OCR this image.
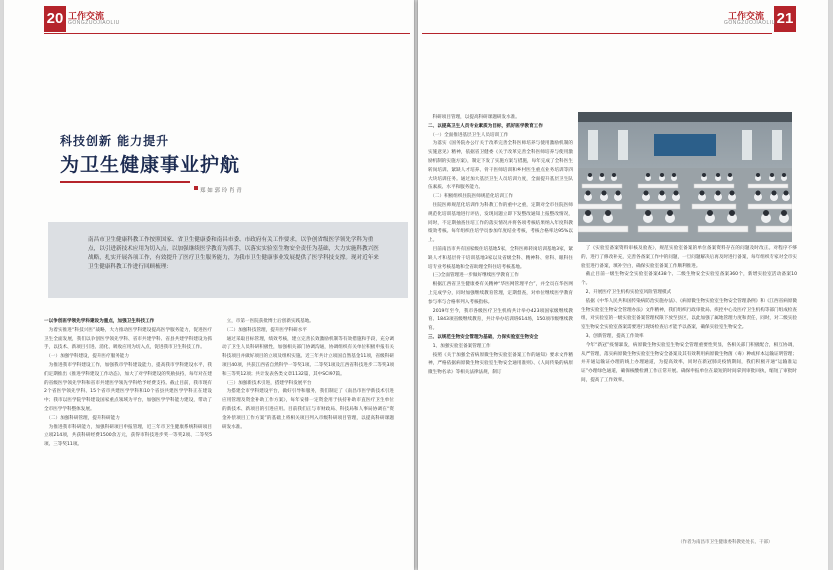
20 工作交流
GONGZUOJIAOLIU
科技创新 能力提升
为卫生健康事业护航
郑 如 郭 玲 肖 青
南昌市卫生健康科教工作按照国家、省卫生健康委和南昌市委、市政府有关工作要求，以争创省级医学领先学科为重点，以引进新技术应用为切入点，以加强继续医学教育为抓手，以落实实验室生物安全责任为基础，大力实施科教兴医战略，扎实开展各项工作，有效提升了医疗卫生服务能力，为我市卫生健康事业发展提供了医学科技支撑。现对近年来卫生健康科教工作进行回顾梳理：

一以争创医学领先学科建设为重点，加强卫生科技工作

　为着实推进“科技兴医”战略，大力推动医学科建设提高医学服务能力，促进医疗卫生全面发展，我们以争创医学领先学科、省市共建学科、省县共建学科建设为抓手，以技术、新项目引进、消化、吸收应用为切入点，促进我市卫生科技工作。

　（一）加强学科建设，提升医疗服务能力

　为推进我市学科建设工作，加强我市学科建设能力，提高我市学科建设水平，我们定期推出《推进学科建设工作动态》，加大了对学科建设的奖励扶持，每年对在建的省级医学领先学科和省市共建医学领先学科给予经费支持。截止目前，我市现有2个省医学领先学科、15个省市共建医学学科和10个省县共建医学学科正在建设中；我市以医学院学科建设国家重点领域为平台，加强医学学科能力建设，带动了全市医学学科整体发展。

　（二）加强科研管理，提升科研能力

　为推进我市科研能力，加强科研项目申报管理，近三年市卫生健康系统科研项目立项214项，共获科研经费1500余万元，获得市科技进步奖一等奖2项、二等奖5项、三等奖11项。

　立，市第一医院获批博士后创新实践基地。

　（二）加强科技管理，提升医学科研水平

　通过采取目标管理，绩效考核，建立完善长效激励机制等有效措施和手段，充分调动了卫生人员科研积极性，加强相关部门协调沟通，协调组织有关单位积极申报有关科技项目并做好项目的立项及组织实施。近三年共计立项国自然基金11项，省级科研项目40项，共获江西省自然科学一等奖1项、二等奖1项及江西省科技进步二等奖3项和三等奖12项；共计发表各类文章1132篇，其中SCI97篇。

　（三）加强新技术引进，搭建学科发展平台

　为搭建全市学科建设平台，做好引导和服务，我们制定了《南昌市医学新技术引进应用管理及资金补助工作方案》，每年安排一定资金用于扶持补助市直医疗卫生单位的新技术、新项目的引进应用。目前我们正与市财政局、科技局和人事局协调在“资金补偿项目工作方案”的基础上将相关项目列入市级科研项目管理，以提高科研课题研发水准。

21
工作交流
GONGZUOJIAOLIU

　科研项目管理，以提高科研课题研发水准。

二、以提高卫生人员专业素质为目标，抓好医学教育工作

　（一）全面推进基层卫生人员培训工作

　为落实《国务院办公厅关于改革完善全科医师培养与使用激励机制的实施意见》精神，依据省卫健委《关于改革完善全科医师培养与使用激励机制的实施方案》，制定下发了实施方案与措施，每年完成了全科医生转岗培训、紧缺人才培养、骨干医师培训和乡村医生重点业务培训等四大块培训任务。通过加大基层卫生人员培训力度，全面提升基层卫生队伍素质、水平和服务能力。

　（二）积极组织住院医师规范化培训工作

　住院医师规范化培训作为科教工作的重中之重，定期对全市住院医师规范化培训基地进行评估，发现问题立即下发整改通知上报整改情况，同时，不定期抽查住培工作的落实情况并将各项考核结果纳入年度科教绩效考核。每年组织住培学员参加年度结业考核，考核合格率达95%以上。

　目前南昌市共有国家级住培基地5家，全科医师转岗培训基地3家，紧缺人才和基层骨干培训基地3家以及省级全科、精神科、骨科、眼科住培专业考核基地和全省助理全科住培考核基地。

　(三)全面管理进一步做好继续医学教育工作

　根据江西省卫生健康委有关精神“华医网管理平台”，并全员在华医网上完成学分，同时加强继续教育管理，定期督查，对单位继续医学教育参与率与合格率列入考核指标。

　2019年至今，我市各级医疗卫生机构共计举办423项国家级继续教育、1843项省级继续教育，共计举办培训班614场，150项市级继续教育。

三、以规范生物安全管理为基础，力保实验室生物安全

　1、加强实验室备案管理工作

　按照《关于加强全省病原微生物实验室备案工作的通知》要求文件精神，严格依据病原微生物实验室生物安全通用准则》、《人间传染的病原微生物名录》等相关法律法规，制订

　了《实验室备案资料审核及验查》，规范实验室备案的单位备案资料存在的问题及时改正。对程序不够的，进行了修改补充，完善各备案工作中的问题，一旦问题解决后再及时进行备案，每年组织专家对全市实验室进行备案，填补空白，确保实验室备案工作顺利推进。

　截止目前一级生物安全实验室备案438个、二级生物安全实验室备案360个，新增实验室活动备案10个。

　2、开展医疗卫生机构实验室风险管理模式

　依据《中华人民共和国传染病防治实施办法》、《病原微生物实验室生物安全管理条例》和《江西省病原微生物实验室生物安全管理办法》文件精神，我们组织行政审批局、疾控中心及医疗卫生机构等部门组成检查组，对实验室的一级实验室备案管理权限下放至县区，以此加强了属地管理力度和责任，同时，对二级实验室生物安全实验室备案需要进行现场检查后才能予以备案，确保实验室生物安全。

　3、创新管理，提高工作效率

　今年“新冠”疫情暴发，病原微生物实验室生物安全管理重要性突显，各相关部门积极配合，相互协调，从严管理，落实病原微生物实验室生物安全备案及其有效利用病原微生物菌（毒）种或样本运输证明管理；并开通运输证办理的线上办理通道，为提高效率，同时在新冠肺炎疫情期间，我们积极开通“运输准运证”办理绿色通道，确保核酸检测工作正常开展。确保申报单位在最短的时间拿到审批回执，缩短了审批时间，提高了工作效率。

（作者为南昌市卫生健康委科教处处长、干部）
